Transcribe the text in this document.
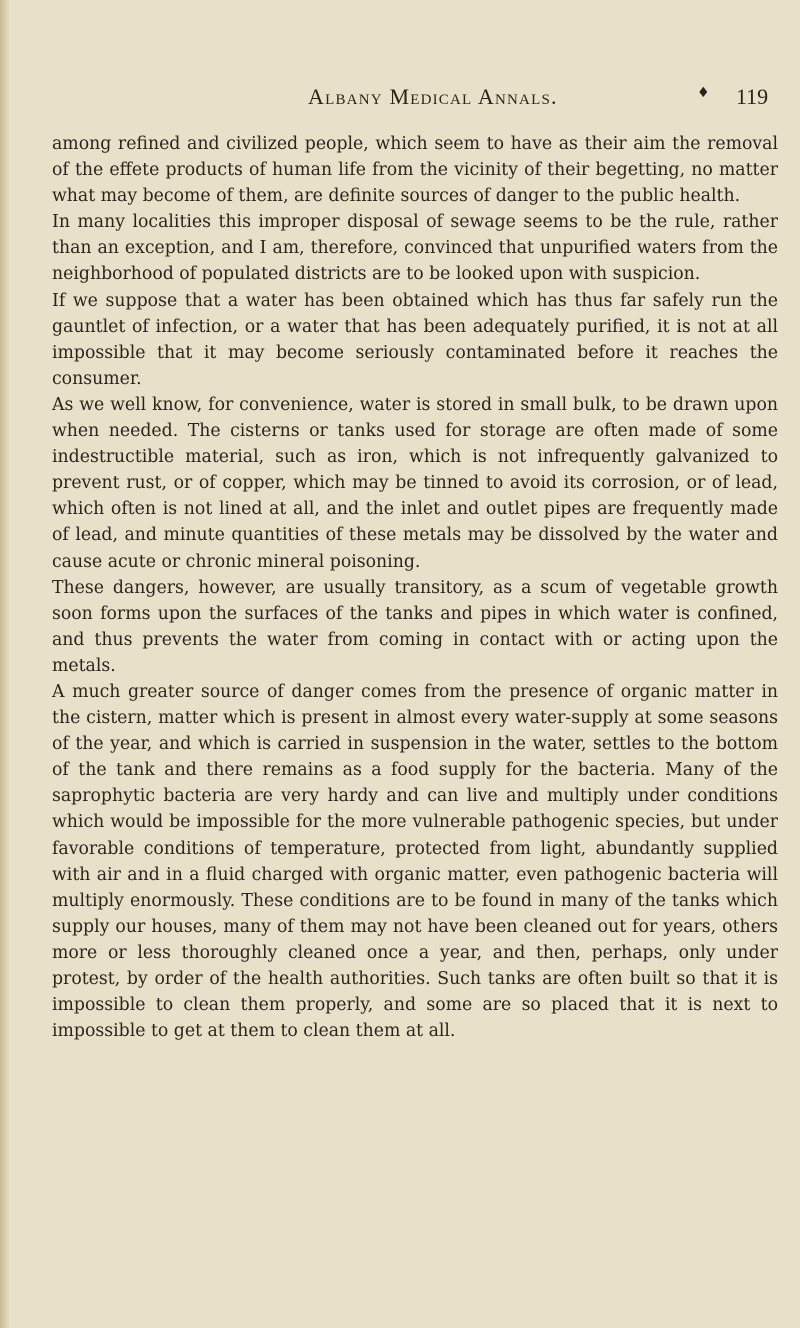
Albany Medical Annals.	♦ 119

among refined and civilized people, which seem to have as their aim the removal of the effete products of human life from the vicinity of their begetting, no matter what may become of them, are definite sources of danger to the public health.

In many localities this improper disposal of sewage seems to be the rule, rather than an exception, and I am, therefore, convinced that unpurified waters from the neighborhood of populated districts are to be looked upon with suspicion.

If we suppose that a water has been obtained which has thus far safely run the gauntlet of infection, or a water that has been adequately purified, it is not at all impossible that it may become seriously contaminated before it reaches the consumer.

As we well know, for convenience, water is stored in small bulk, to be drawn upon when needed. The cisterns or tanks used for storage are often made of some indestructible material, such as iron, which is not infrequently galvanized to prevent rust, or of copper, which may be tinned to avoid its corrosion, or of lead, which often is not lined at all, and the inlet and outlet pipes are frequently made of lead, and minute quantities of these metals may be dissolved by the water and cause acute or chronic mineral poisoning.

These dangers, however, are usually transitory, as a scum of vegetable growth soon forms upon the surfaces of the tanks and pipes in which water is confined, and thus prevents the water from coming in contact with or acting upon the metals.

A much greater source of danger comes from the presence of organic matter in the cistern, matter which is present in almost every water-supply at some seasons of the year, and which is carried in suspension in the water, settles to the bottom of the tank and there remains as a food supply for the bacteria. Many of the saprophytic bacteria are very hardy and can live and multiply under conditions which would be impossible for the more vulnerable pathogenic species, but under favorable conditions of temperature, protected from light, abundantly supplied with air and in a fluid charged with organic matter, even pathogenic bacteria will multiply enormously. These conditions are to be found in many of the tanks which supply our houses, many of them may not have been cleaned out for years, others more or less thoroughly cleaned once a year, and then, perhaps, only under protest, by order of the health authorities. Such tanks are often built so that it is impossible to clean them properly, and some are so placed that it is next to impossible to get at them to clean them at all.
